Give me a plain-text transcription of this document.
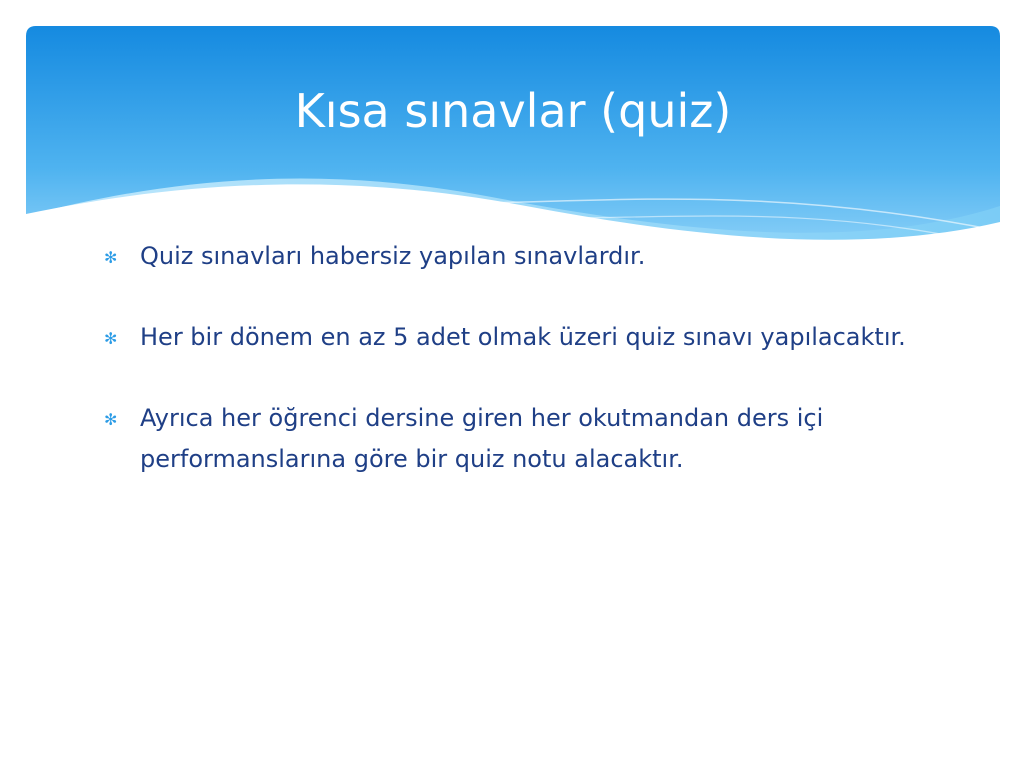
Kısa sınavlar (quiz)
✻ Quiz sınavları habersiz yapılan sınavlardır.
✻ Her bir dönem en az 5 adet olmak üzeri quiz sınavı yapılacaktır.
✻ Ayrıca her öğrenci dersine giren her okutmandan ders içi performanslarına göre bir quiz notu alacaktır.
